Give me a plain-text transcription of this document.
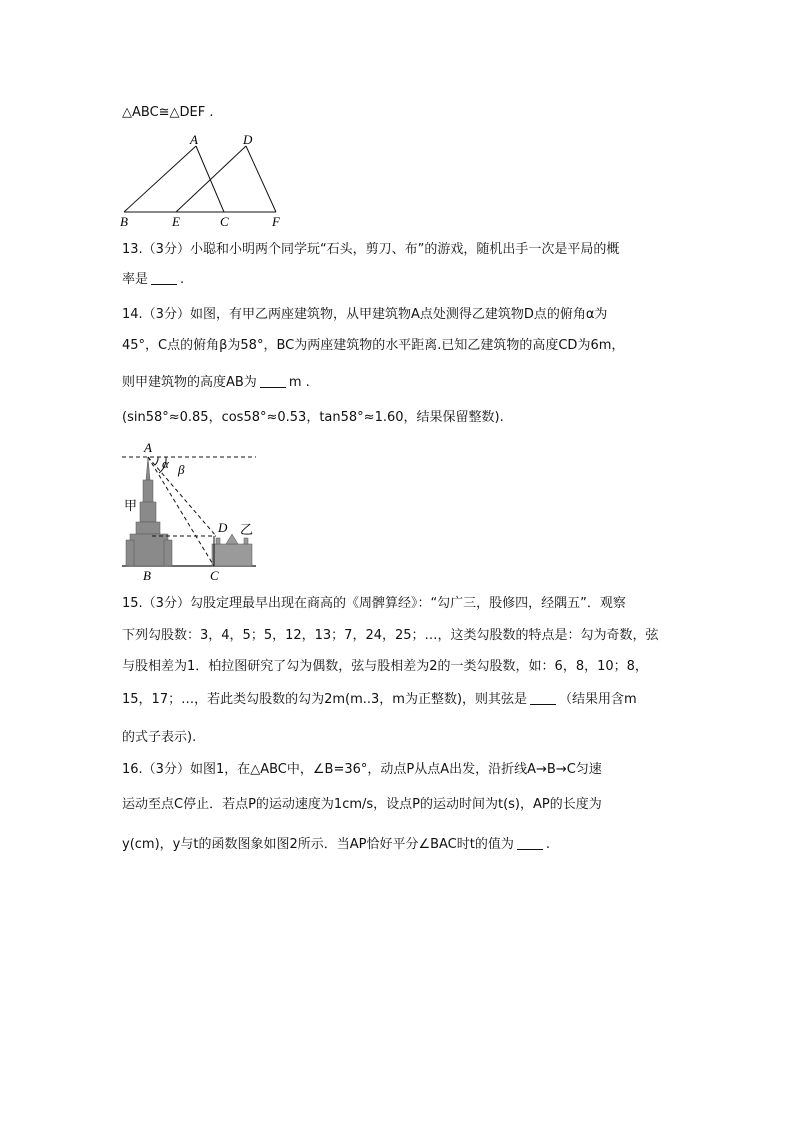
△ABC≅△DEF .
A	D
B	E	C	F
13.（3分）小聪和小明两个同学玩“石头，剪刀、布”的游戏，随机出手一次是平局的概
率是 .
14.（3分）如图，有甲乙两座建筑物，从甲建筑物A点处测得乙建筑物D点的俯角α为
45°，C点的俯角β为58°，BC为两座建筑物的水平距离.已知乙建筑物的高度CD为6m，
则甲建筑物的高度AB为 m .
(sin58°≈0.85，cos58°≈0.53，tan58°≈1.60，结果保留整数).
A
α β
甲
D 乙
B	C
15.（3分）勾股定理最早出现在商高的《周髀算经》：“勾广三，股修四，经隅五”．观察
下列勾股数：3，4，5；5，12，13；7，24，25；…，这类勾股数的特点是：勾为奇数，弦
与股相差为1．柏拉图研究了勾为偶数，弦与股相差为2的一类勾股数，如：6，8，10；8，
15，17；…，若此类勾股数的勾为2m(m..3，m为正整数)，则其弦是 （结果用含m
的式子表示).
16.（3分）如图1，在△ABC中，∠B=36°，动点P从点A出发，沿折线A→B→C匀速
运动至点C停止．若点P的运动速度为1cm/s，设点P的运动时间为t(s)，AP的长度为
y(cm)，y与t的函数图象如图2所示．当AP恰好平分∠BAC时t的值为 .
